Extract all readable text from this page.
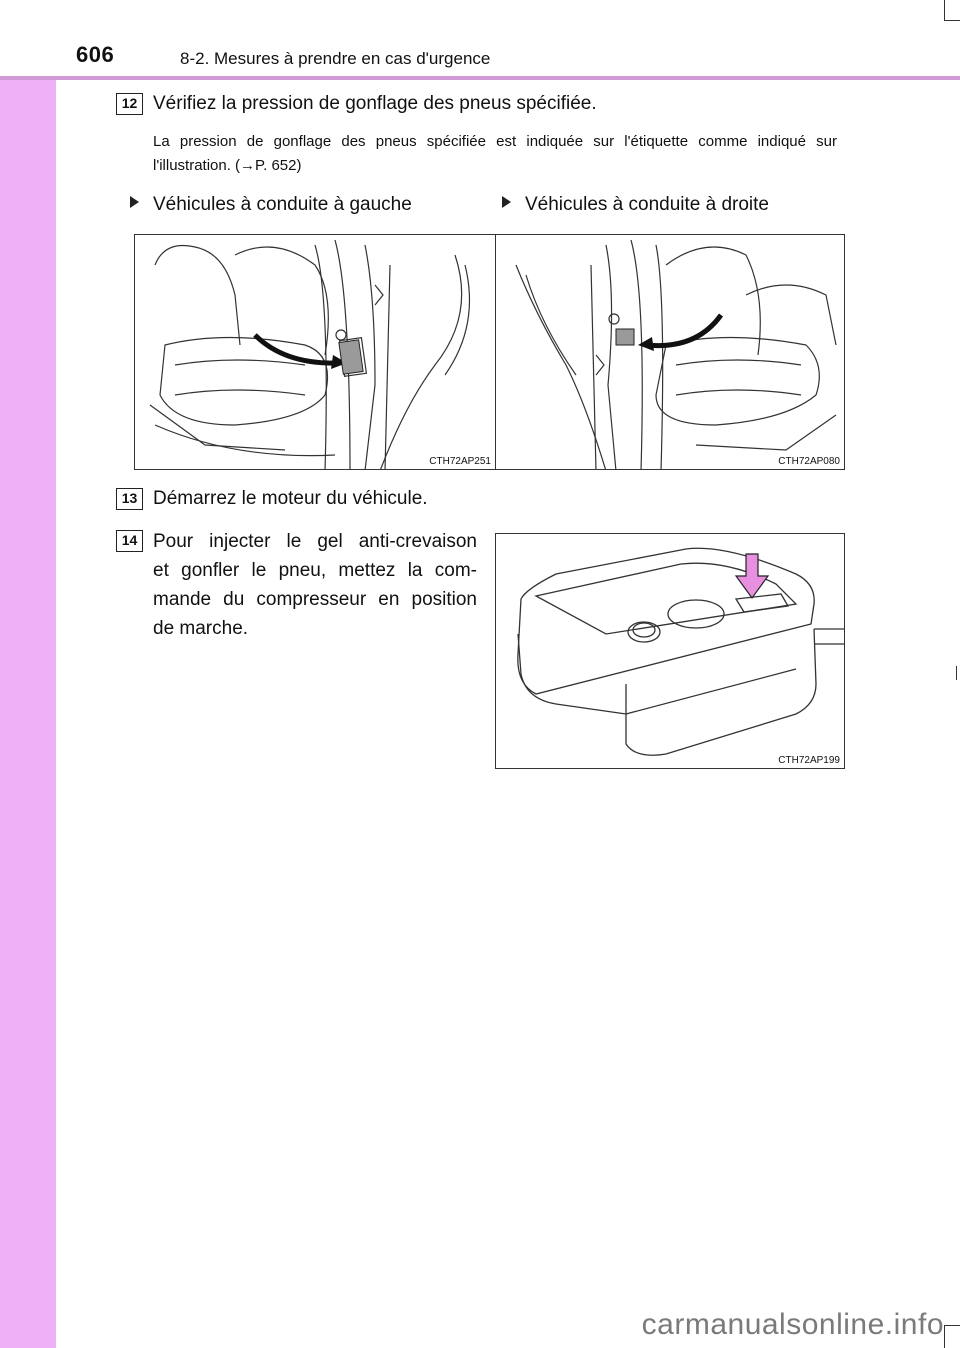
606	8-2. Mesures à prendre en cas d'urgence
12 Vérifiez la pression de gonflage des pneus spécifiée.
La pression de gonflage des pneus spécifiée est indiquée sur l'étiquette comme indiqué sur l'illustration. (→P. 652)
Véhicules à conduite à gauche	Véhicules à conduite à droite
CTH72AP251	CTH72AP080
13 Démarrez le moteur du véhicule.
14 Pour injecter le gel anti-crevaison
et gonfler le pneu, mettez la com-
mande du compresseur en position
de marche.
CTH72AP199
carmanualsonline.info
